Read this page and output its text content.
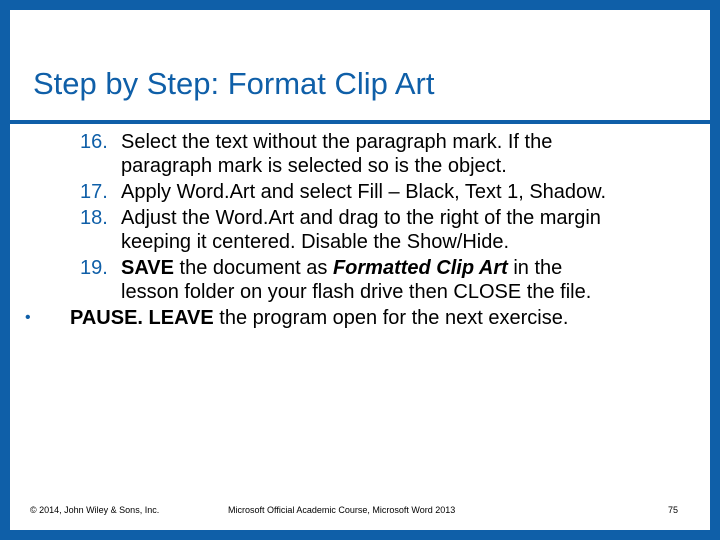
Step by Step: Format Clip Art
16. Select the text without the paragraph mark. If the
paragraph mark is selected so is the object.
17. Apply Word.Art and select Fill – Black, Text 1, Shadow.
18. Adjust the Word.Art and drag to the right of the margin
keeping it centered. Disable the Show/Hide.
19. SAVE the document as Formatted Clip Art in the
lesson folder on your flash drive then CLOSE the file.
• PAUSE. LEAVE the program open for the next exercise.
© 2014, John Wiley & Sons, Inc.	Microsoft Official Academic Course, Microsoft Word 2013	75
